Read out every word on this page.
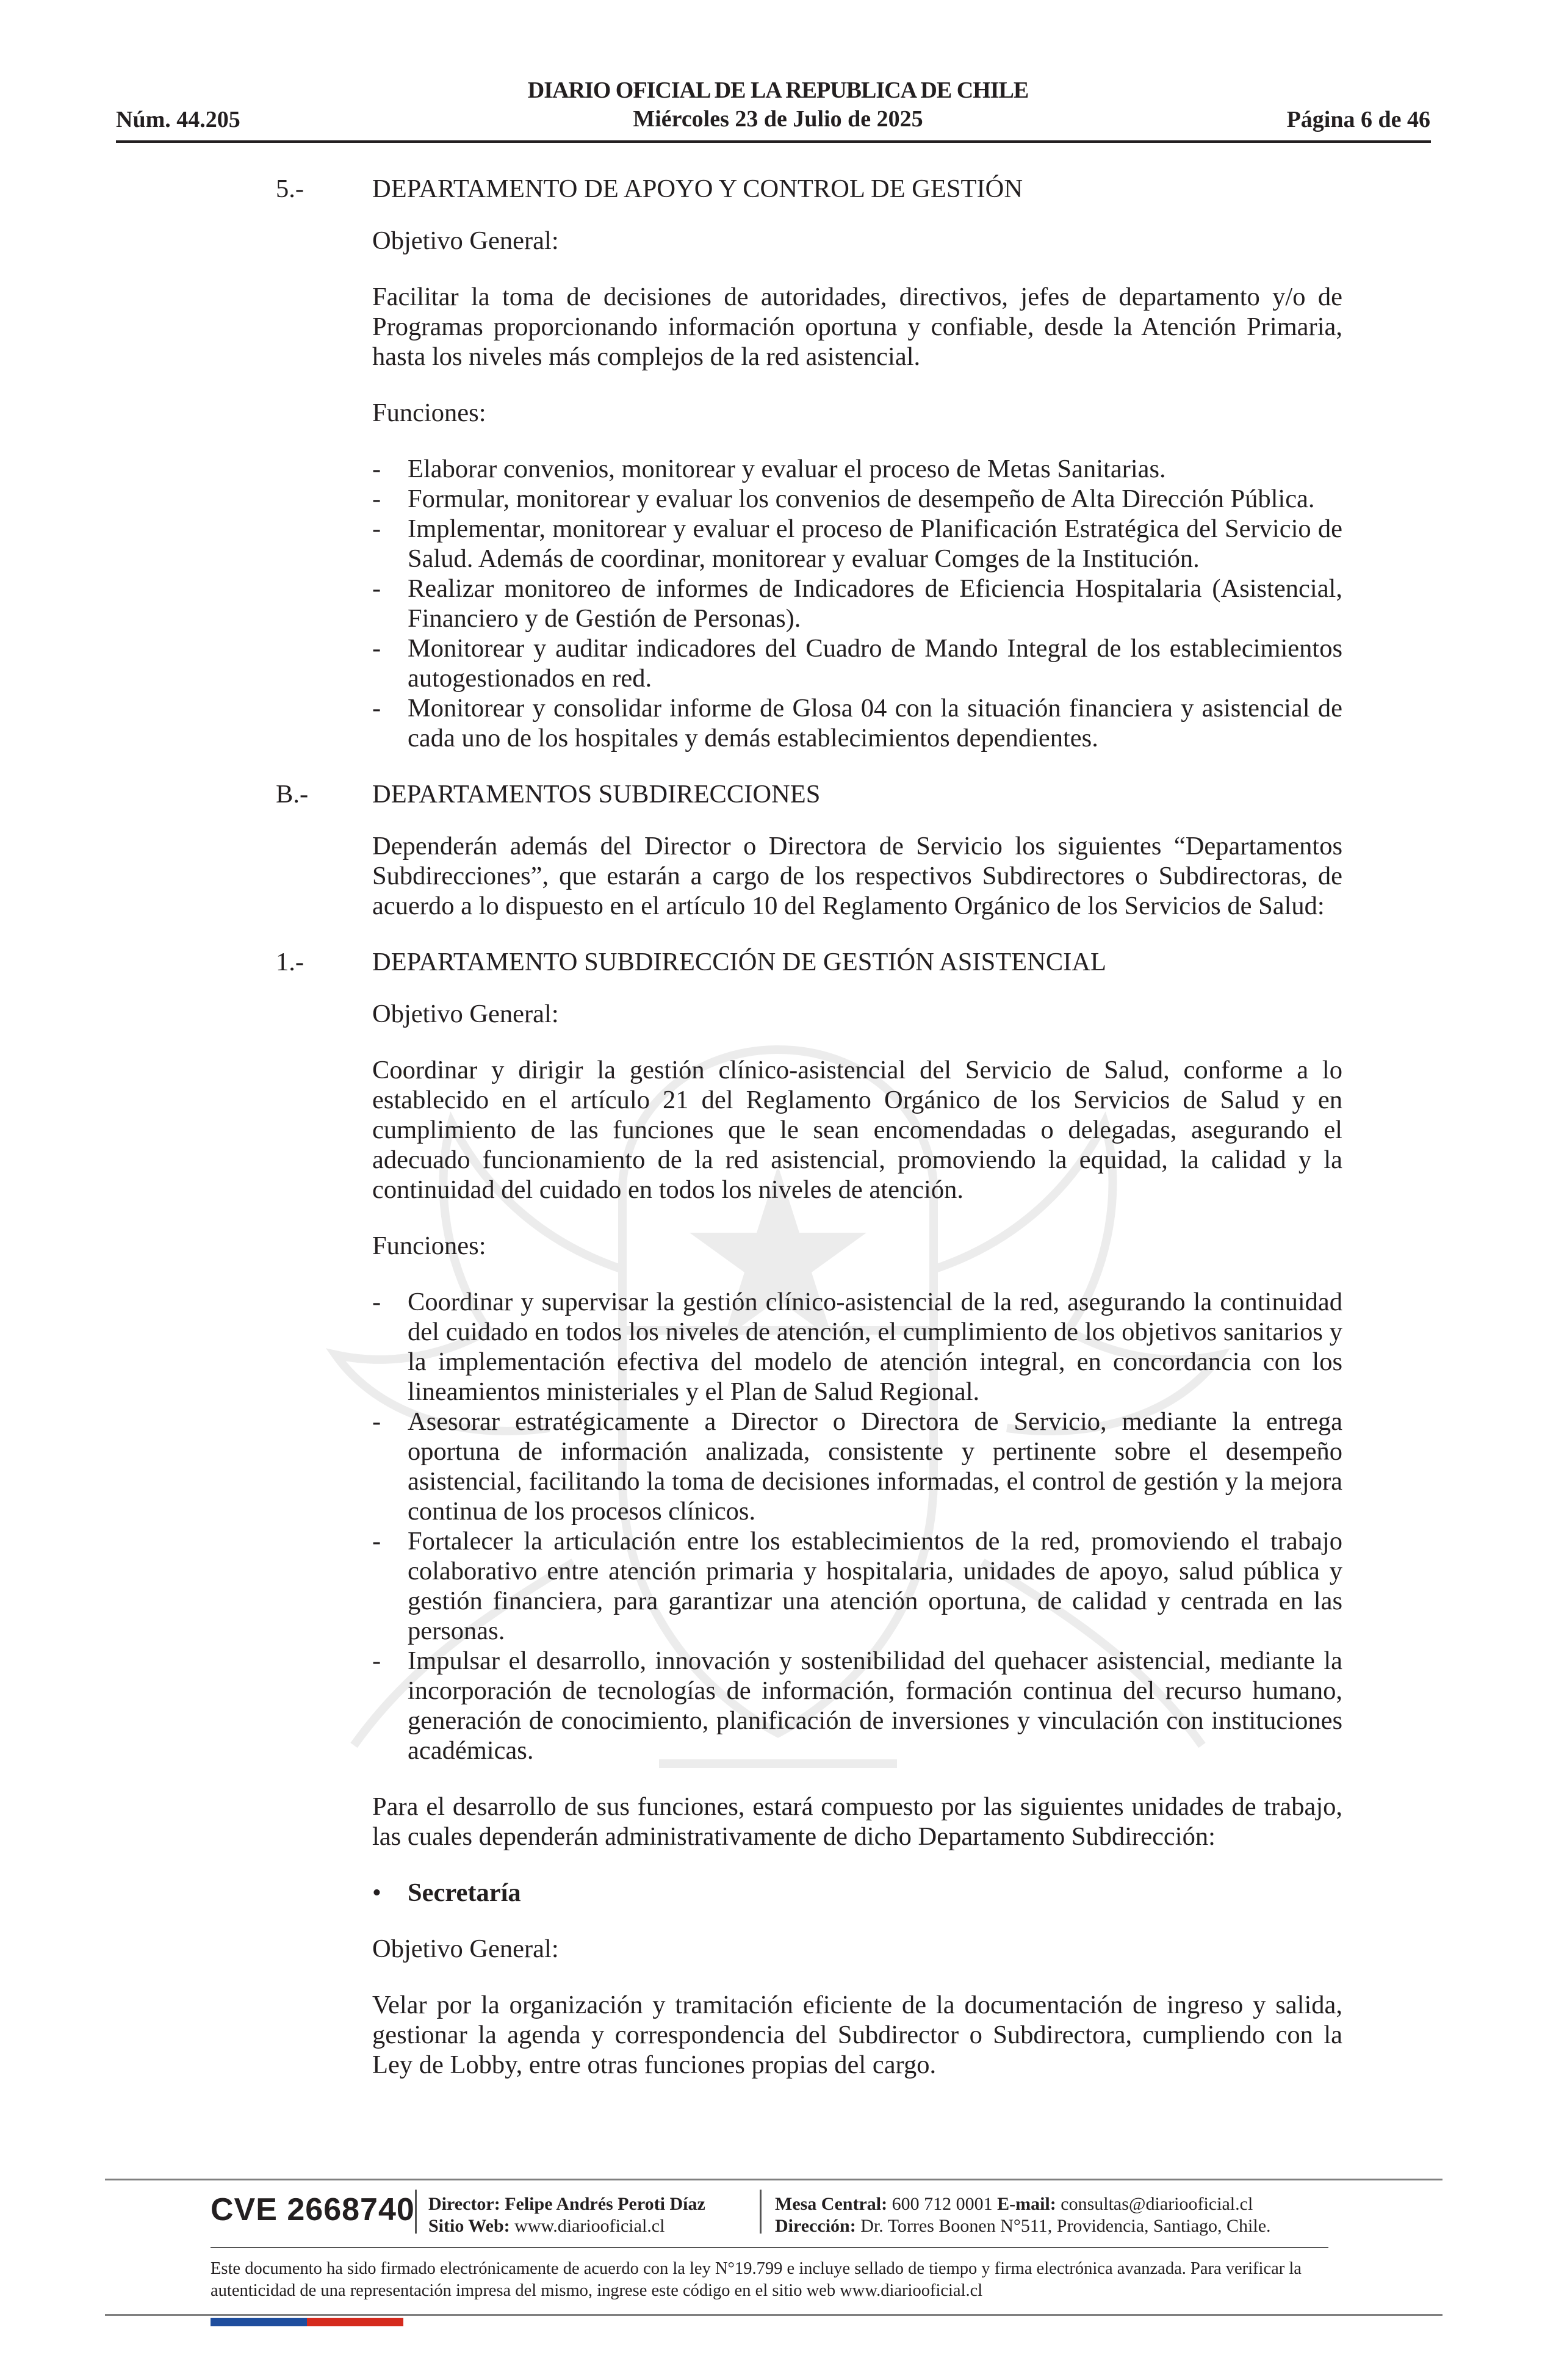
Núm. 44.205
DIARIO OFICIAL DE LA REPUBLICA DE CHILE
Miércoles 23 de Julio de 2025	Página 6 de 46
5.-	DEPARTAMENTO DE APOYO Y CONTROL DE GESTIÓN
Objetivo General:
Facilitar la toma de decisiones de autoridades, directivos, jefes de departamento y/o de Programas proporcionando información oportuna y confiable, desde la Atención Primaria, hasta los niveles más complejos de la red asistencial.
Funciones:
- Elaborar convenios, monitorear y evaluar el proceso de Metas Sanitarias.
- Formular, monitorear y evaluar los convenios de desempeño de Alta Dirección Pública.
- Implementar, monitorear y evaluar el proceso de Planificación Estratégica del Servicio de Salud. Además de coordinar, monitorear y evaluar Comges de la Institución.
- Realizar monitoreo de informes de Indicadores de Eficiencia Hospitalaria (Asistencial, Financiero y de Gestión de Personas).
- Monitorear y auditar indicadores del Cuadro de Mando Integral de los establecimientos autogestionados en red.
- Monitorear y consolidar informe de Glosa 04 con la situación financiera y asistencial de cada uno de los hospitales y demás establecimientos dependientes.
B.- DEPARTAMENTOS SUBDIRECCIONES
Dependerán además del Director o Directora de Servicio los siguientes “Departamentos Subdirecciones”, que estarán a cargo de los respectivos Subdirectores o Subdirectoras, de acuerdo a lo dispuesto en el artículo 10 del Reglamento Orgánico de los Servicios de Salud:
1.-	DEPARTAMENTO SUBDIRECCIÓN DE GESTIÓN ASISTENCIAL
Objetivo General:
Coordinar y dirigir la gestión clínico-asistencial del Servicio de Salud, conforme a lo establecido en el artículo 21 del Reglamento Orgánico de los Servicios de Salud y en cumplimiento de las funciones que le sean encomendadas o delegadas, asegurando el adecuado funcionamiento de la red asistencial, promoviendo la equidad, la calidad y la continuidad del cuidado en todos los niveles de atención.
Funciones:
- Coordinar y supervisar la gestión clínico-asistencial de la red, asegurando la continuidad del cuidado en todos los niveles de atención, el cumplimiento de los objetivos sanitarios y la implementación efectiva del modelo de atención integral, en concordancia con los lineamientos ministeriales y el Plan de Salud Regional.
- Asesorar estratégicamente a Director o Directora de Servicio, mediante la entrega oportuna de información analizada, consistente y pertinente sobre el desempeño asistencial, facilitando la toma de decisiones informadas, el control de gestión y la mejora continua de los procesos clínicos.
- Fortalecer la articulación entre los establecimientos de la red, promoviendo el trabajo colaborativo entre atención primaria y hospitalaria, unidades de apoyo, salud pública y gestión financiera, para garantizar una atención oportuna, de calidad y centrada en las personas.
- Impulsar el desarrollo, innovación y sostenibilidad del quehacer asistencial, mediante la incorporación de tecnologías de información, formación continua del recurso humano, generación de conocimiento, planificación de inversiones y vinculación con instituciones académicas.
Para el desarrollo de sus funciones, estará compuesto por las siguientes unidades de trabajo, las cuales dependerán administrativamente de dicho Departamento Subdirección:
• Secretaría
Objetivo General:
Velar por la organización y tramitación eficiente de la documentación de ingreso y salida, gestionar la agenda y correspondencia del Subdirector o Subdirectora, cumpliendo con la Ley de Lobby, entre otras funciones propias del cargo.
CVE 2668740 Director: Felipe Andrés Peroti Díaz
Sitio Web: www.diariooficial.cl
Mesa Central: 600 712 0001 E-mail: consultas@diariooficial.cl
Dirección: Dr. Torres Boonen N°511, Providencia, Santiago, Chile.
Este documento ha sido firmado electrónicamente de acuerdo con la ley N°19.799 e incluye sellado de tiempo y firma electrónica avanzada. Para verificar la autenticidad de una representación impresa del mismo, ingrese este código en el sitio web www.diariooficial.cl
